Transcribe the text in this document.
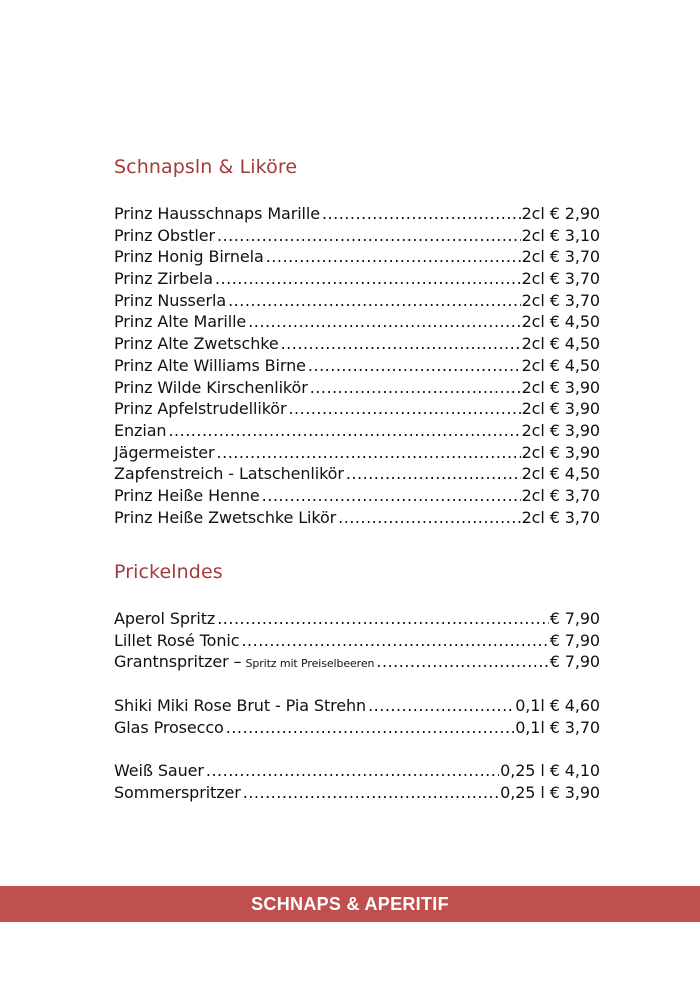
Schnapsln & Liköre
Prinz Hausschnaps Marille .....	2cl € 2,90
Prinz Obstler .....	2cl € 3,10
Prinz Honig Birnela .....	2cl € 3,70
Prinz Zirbela .....	2cl € 3,70
Prinz Nusserla .....	2cl € 3,70
Prinz Alte Marille .....	2cl € 4,50
Prinz Alte Zwetschke .....	2cl € 4,50
Prinz Alte Williams Birne .....	2cl € 4,50
Prinz Wilde Kirschenlikör .....	2cl € 3,90
Prinz Apfelstrudellikör .....	2cl € 3,90
Enzian .....	2cl € 3,90
Jägermeister .....	2cl € 3,90
Zapfenstreich - Latschenlikör .....	2cl € 4,50
Prinz Heiße Henne .....	2cl € 3,70
Prinz Heiße Zwetschke Likör .....	2cl € 3,70
Prickelndes
Aperol Spritz .....	€ 7,90
Lillet Rosé Tonic .....	€ 7,90
Grantnspritzer – Spritz mit Preiselbeeren .....	€ 7,90
Shiki Miki Rose Brut - Pia Strehn .....	0,1l € 4,60
Glas Prosecco .....	0,1l € 3,70
Weiß Sauer .....	0,25 l € 4,10
Sommerspritzer .....	0,25 l € 3,90
SCHNAPS & APERITIF
